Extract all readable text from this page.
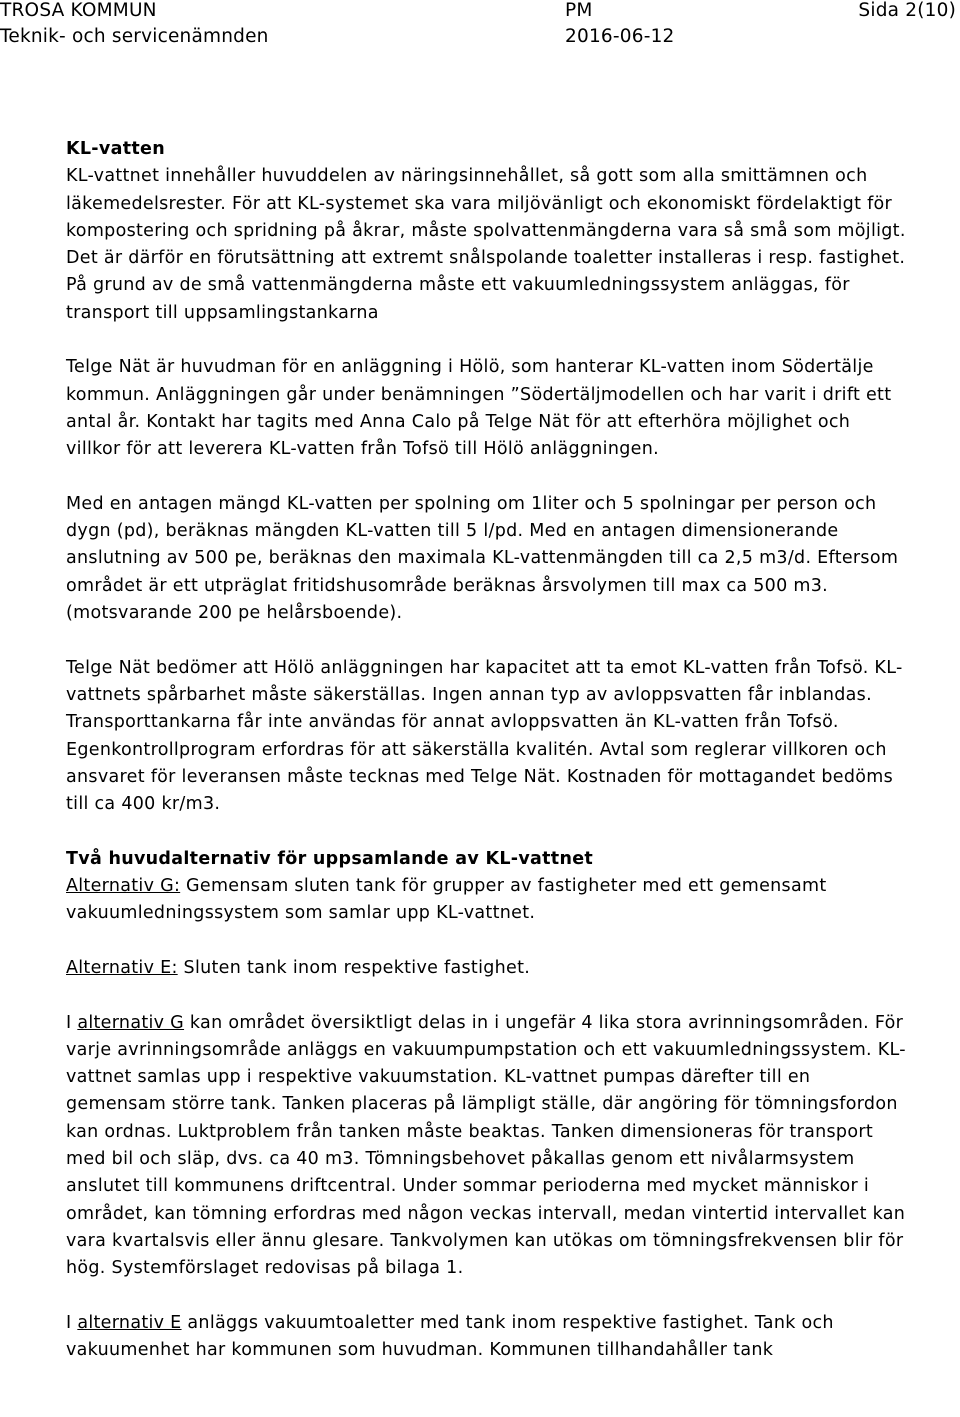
TROSA KOMMUN	PM	Sida 2(10)
Teknik- och servicenämnden	2016-06-12

KL-vatten

KL-vattnet innehåller huvuddelen av näringsinnehållet, så gott som alla smittämnen och läkemedelsrester. För att KL-systemet ska vara miljövänligt och ekonomiskt fördelaktigt för kompostering och spridning på åkrar, måste spolvattenmängderna vara så små som möjligt. Det är därför en förutsättning att extremt snålspolande toaletter installeras i resp. fastighet. På grund av de små vattenmängderna måste ett vakuumledningssystem anläggas, för transport till uppsamlingstankarna

Telge Nät är huvudman för en anläggning i Hölö, som hanterar KL-vatten inom Södertälje kommun. Anläggningen går under benämningen ”Södertäljmodellen och har varit i drift ett antal år. Kontakt har tagits med Anna Calo på Telge Nät för att efterhöra möjlighet och villkor för att leverera KL-vatten från Tofsö till Hölö anläggningen.

Med en antagen mängd KL-vatten per spolning om 1liter och 5 spolningar per person och dygn (pd), beräknas mängden KL-vatten till 5 l/pd. Med en antagen dimensionerande anslutning av 500 pe, beräknas den maximala KL-vattenmängden till ca 2,5 m3/d. Eftersom området är ett utpräglat fritidshusområde beräknas årsvolymen till max ca 500 m3.(motsvarande 200 pe helårsboende).

Telge Nät bedömer att Hölö anläggningen har kapacitet att ta emot KL-vatten från Tofsö. KL-vattnets spårbarhet måste säkerställas. Ingen annan typ av avloppsvatten får inblandas. Transporttankarna får inte användas för annat avloppsvatten än KL-vatten från Tofsö. Egenkontrollprogram erfordras för att säkerställa kvalitén. Avtal som reglerar villkoren och ansvaret för leveransen måste tecknas med Telge Nät. Kostnaden för mottagandet bedöms till ca 400 kr/m3.

Två huvudalternativ för uppsamlande av KL-vattnet

Alternativ G: Gemensam sluten tank för grupper av fastigheter med ett gemensamt vakuumledningssystem som samlar upp KL-vattnet.

Alternativ E: Sluten tank inom respektive fastighet.

I alternativ G kan området översiktligt delas in i ungefär 4 lika stora avrinningsområden. För varje avrinningsområde anläggs en vakuumpumpstation och ett vakuumledningssystem. KL-vattnet samlas upp i respektive vakuumstation. KL-vattnet pumpas därefter till en gemensam större tank. Tanken placeras på lämpligt ställe, där angöring för tömningsfordon kan ordnas. Luktproblem från tanken måste beaktas. Tanken dimensioneras för transport med bil och släp, dvs. ca 40 m3. Tömningsbehovet påkallas genom ett nivålarmsystem anslutet till kommunens driftcentral. Under sommar perioderna med mycket människor i området, kan tömning erfordras med någon veckas intervall, medan vintertid intervallet kan vara kvartalsvis eller ännu glesare. Tankvolymen kan utökas om tömningsfrekvensen blir för hög. Systemförslaget redovisas på bilaga 1.

I alternativ E anläggs vakuumtoaletter med tank inom respektive fastighet. Tank och vakuumenhet har kommunen som huvudman. Kommunen tillhandahåller tank
